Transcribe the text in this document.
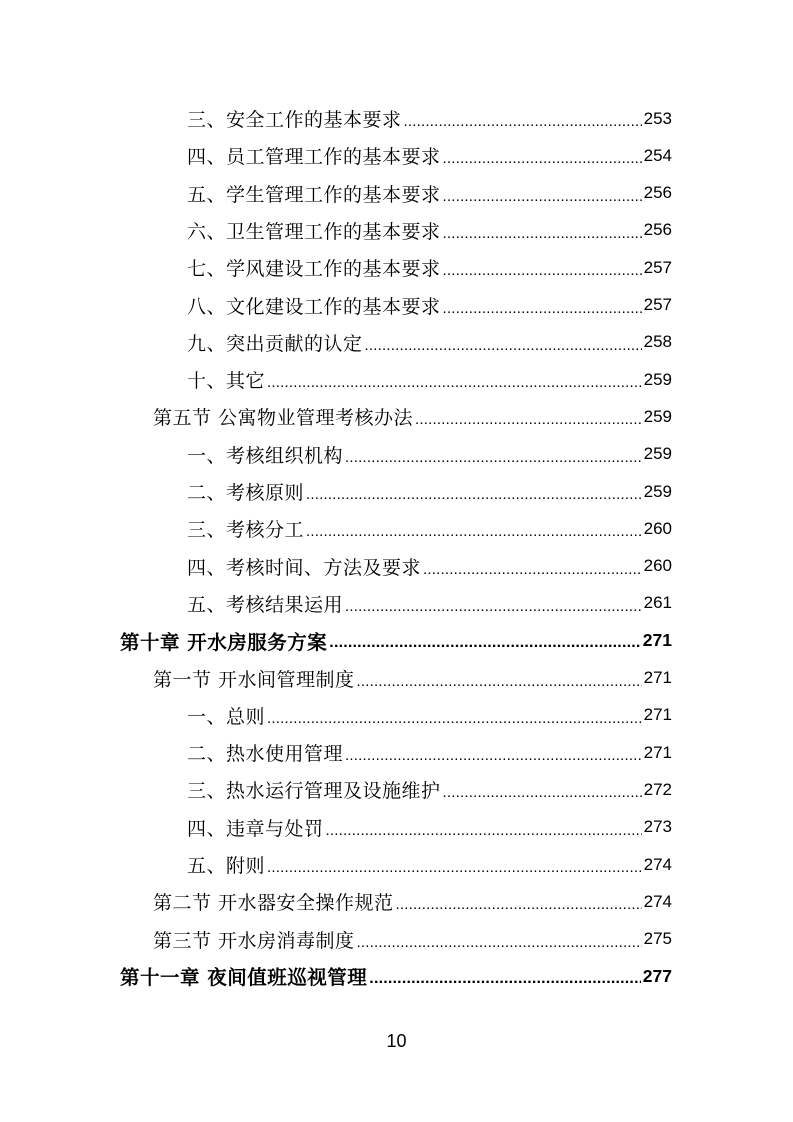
三、安全工作的基本要求 .....	253
四、员工管理工作的基本要求 .....	254
五、学生管理工作的基本要求 .....	256
六、卫生管理工作的基本要求 .....	256
七、学风建设工作的基本要求 .....	257
八、文化建设工作的基本要求 .....	257
九、突出贡献的认定 .....	258
十、其它 .....	259
第五节 公寓物业管理考核办法 .....	259
一、考核组织机构 .....	259
二、考核原则 .....	259
三、考核分工 .....	260
四、考核时间、方法及要求 .....	260
五、考核结果运用 .....	261
第十章 开水房服务方案 .....	271
第一节 开水间管理制度 .....	271
一、总则 .....	271
二、热水使用管理 .....	271
三、热水运行管理及设施维护 .....	272
四、违章与处罚 .....	273
五、附则 .....	274
第二节 开水器安全操作规范 .....	274
第三节 开水房消毒制度 .....	275
第十一章 夜间值班巡视管理 .....	277
10
